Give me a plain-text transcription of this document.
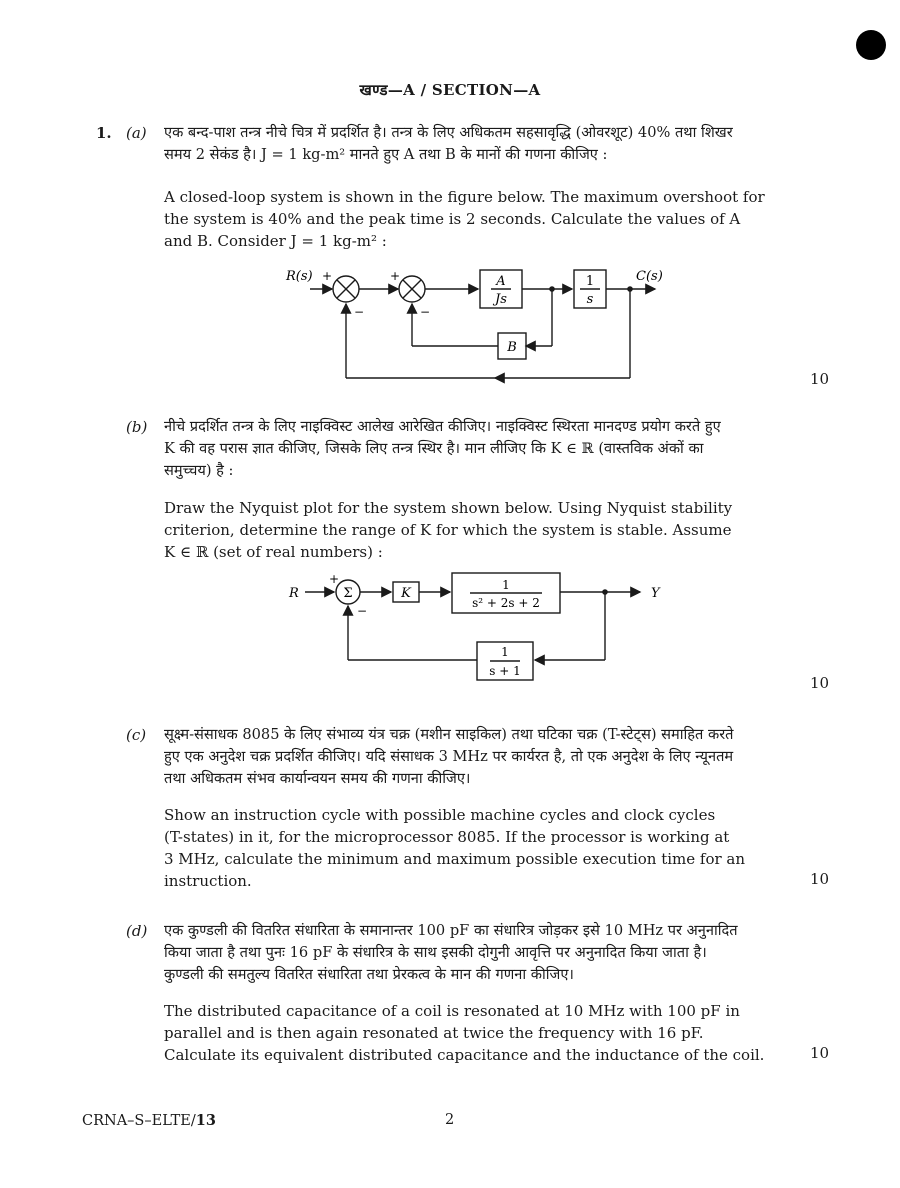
खण्ड—A / SECTION—A
1. (a) एक बन्द-पाश तन्त्र नीचे चित्र में प्रदर्शित है। तन्त्र के लिए अधिकतम सहसावृद्धि (ओवरशूट) 40% तथा शिखर
समय 2 सेकंड है। J = 1 kg-m² मानते हुए A तथा B के मानों की गणना कीजिए :
A closed-loop system is shown in the figure below. The maximum overshoot for
the system is 40% and the peak time is 2 seconds. Calculate the values of A
and B. Consider J = 1 kg-m² :
R(s)	C(s)
+
−
+
−
A
Js
1
s
B
10
(b) नीचे प्रदर्शित तन्त्र के लिए नाइक्विस्ट आलेख आरेखित कीजिए। नाइक्विस्ट स्थिरता मानदण्ड प्रयोग करते हुए
K की वह परास ज्ञात कीजिए, जिसके लिए तन्त्र स्थिर है। मान लीजिए कि K ∈ ℝ (वास्तविक अंकों का
समुच्चय) है :
Draw the Nyquist plot for the system shown below. Using Nyquist stability
criterion, determine the range of K for which the system is stable. Assume
K ∈ ℝ (set of real numbers) :
R	Y
Σ
+
−
K
1
s² + 2s + 2
1
s + 1
10
(c) सूक्ष्म-संसाधक 8085 के लिए संभाव्य यंत्र चक्र (मशीन साइकिल) तथा घटिका चक्र (T-स्टेट्स) समाहित करते
हुए एक अनुदेश चक्र प्रदर्शित कीजिए। यदि संसाधक 3 MHz पर कार्यरत है, तो एक अनुदेश के लिए न्यूनतम
तथा अधिकतम संभव कार्यान्वयन समय की गणना कीजिए।
Show an instruction cycle with possible machine cycles and clock cycles
(T-states) in it, for the microprocessor 8085. If the processor is working at
3 MHz, calculate the minimum and maximum possible execution time for an
instruction.	10
(d) एक कुण्डली की वितरित संधारिता के समानान्तर 100 pF का संधारित्र जोड़कर इसे 10 MHz पर अनुनादित
किया जाता है तथा पुनः 16 pF के संधारित्र के साथ इसकी दोगुनी आवृत्ति पर अनुनादित किया जाता है।
कुण्डली की समतुल्य वितरित संधारिता तथा प्रेरकत्व के मान की गणना कीजिए।
The distributed capacitance of a coil is resonated at 10 MHz with 100 pF in
parallel and is then again resonated at twice the frequency with 16 pF.
Calculate its equivalent distributed capacitance and the inductance of the coil.	10
CRNA–S–ELTE/13	2
